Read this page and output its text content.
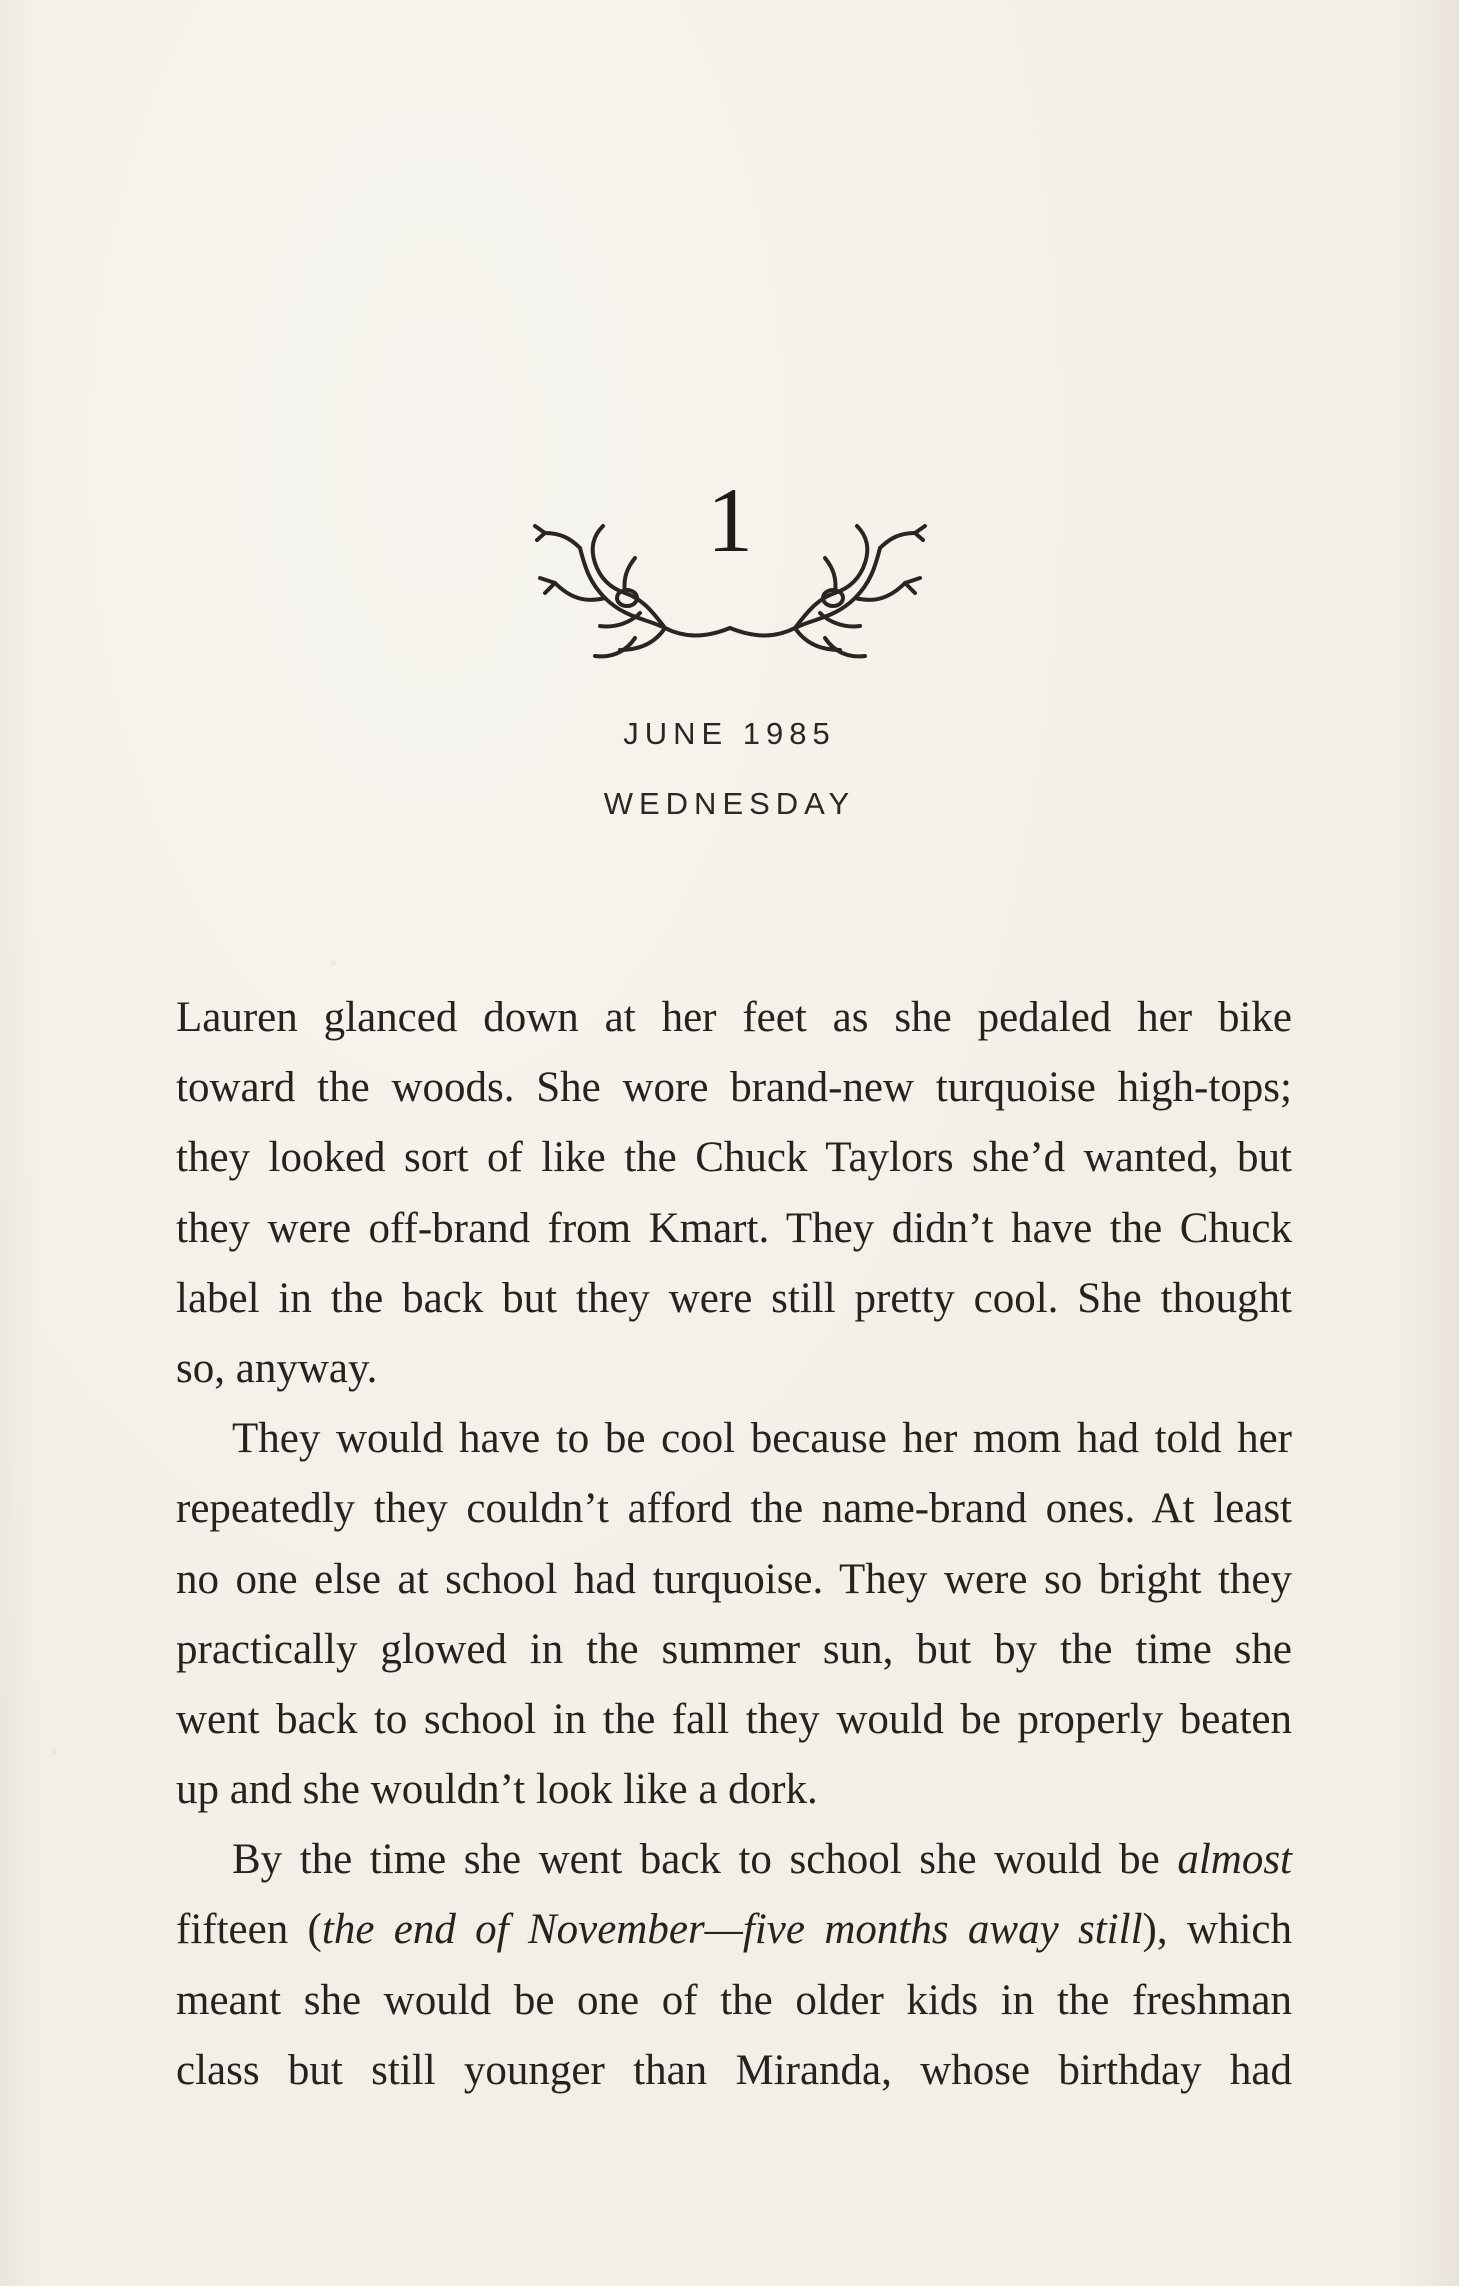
1
JUNE 1985
WEDNESDAY
Lauren glanced down at her feet as she pedaled her bike
toward the woods. She wore brand-new turquoise high-tops;
they looked sort of like the Chuck Taylors she’d wanted, but
they were off-brand from Kmart. They didn’t have the Chuck
label in the back but they were still pretty cool. She thought
so, anyway.
They would have to be cool because her mom had told her
repeatedly they couldn’t afford the name-brand ones. At least
no one else at school had turquoise. They were so bright they
practically glowed in the summer sun, but by the time she
went back to school in the fall they would be properly beaten
up and she wouldn’t look like a dork.
By the time she went back to school she would be almost
fifteen (the end of November—five months away still), which
meant she would be one of the older kids in the freshman
class but still younger than Miranda, whose birthday had
